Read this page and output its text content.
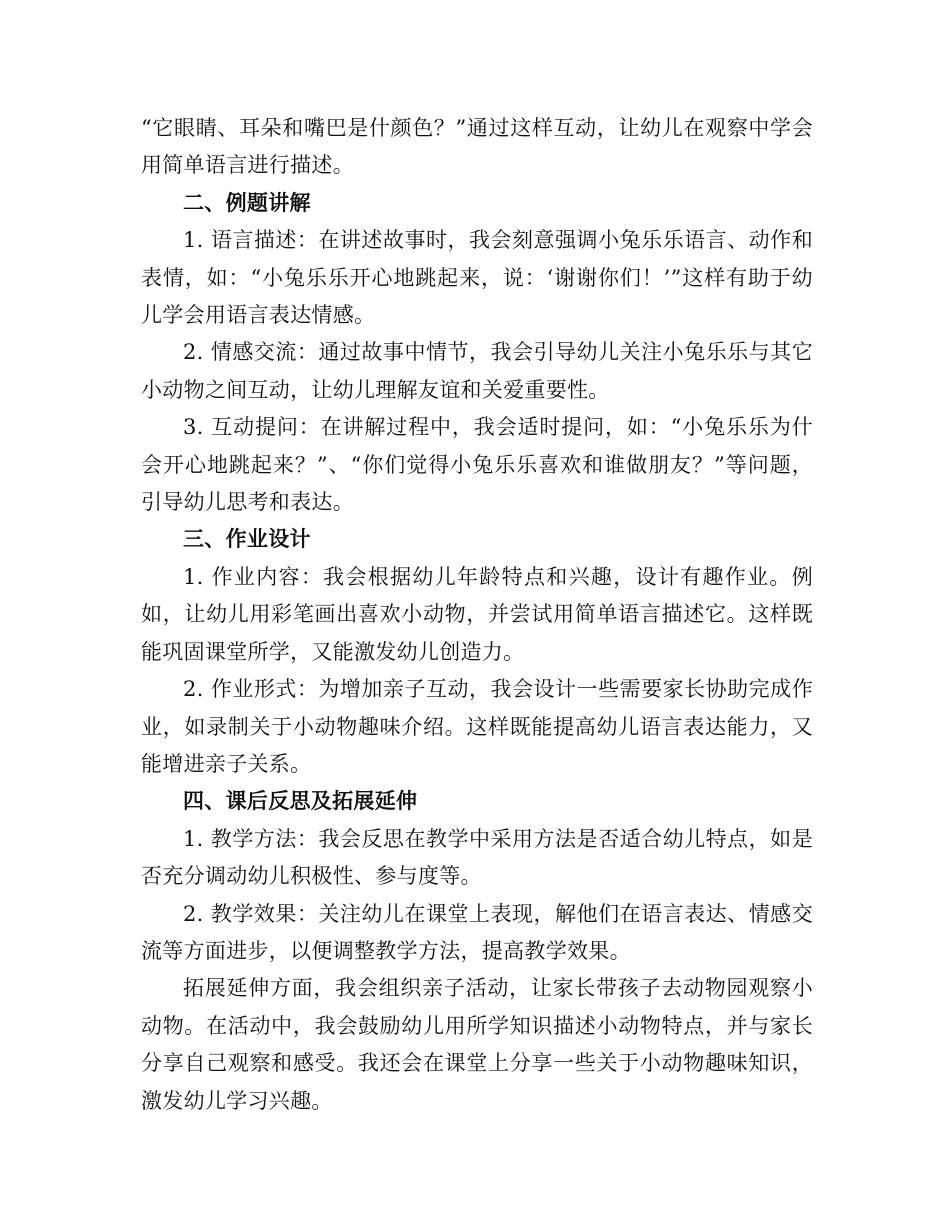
“它眼睛、耳朵和嘴巴是什颜色？”通过这样互动，让幼儿在观察中学会用简单语言进行描述。

二、例题讲解

1. 语言描述：在讲述故事时，我会刻意强调小兔乐乐语言、动作和表情，如：“小兔乐乐开心地跳起来，说：‘谢谢你们！’”这样有助于幼儿学会用语言表达情感。

2. 情感交流：通过故事中情节，我会引导幼儿关注小兔乐乐与其它小动物之间互动，让幼儿理解友谊和关爱重要性。

3. 互动提问：在讲解过程中，我会适时提问，如：“小兔乐乐为什会开心地跳起来？”、“你们觉得小兔乐乐喜欢和谁做朋友？”等问题，引导幼儿思考和表达。

三、作业设计

1. 作业内容：我会根据幼儿年龄特点和兴趣，设计有趣作业。例如，让幼儿用彩笔画出喜欢小动物，并尝试用简单语言描述它。这样既能巩固课堂所学，又能激发幼儿创造力。

2. 作业形式：为增加亲子互动，我会设计一些需要家长协助完成作业，如录制关于小动物趣味介绍。这样既能提高幼儿语言表达能力，又能增进亲子关系。

四、课后反思及拓展延伸

1. 教学方法：我会反思在教学中采用方法是否适合幼儿特点，如是否充分调动幼儿积极性、参与度等。

2. 教学效果：关注幼儿在课堂上表现，解他们在语言表达、情感交流等方面进步，以便调整教学方法，提高教学效果。

拓展延伸方面，我会组织亲子活动，让家长带孩子去动物园观察小动物。在活动中，我会鼓励幼儿用所学知识描述小动物特点，并与家长分享自己观察和感受。我还会在课堂上分享一些关于小动物趣味知识，激发幼儿学习兴趣。
